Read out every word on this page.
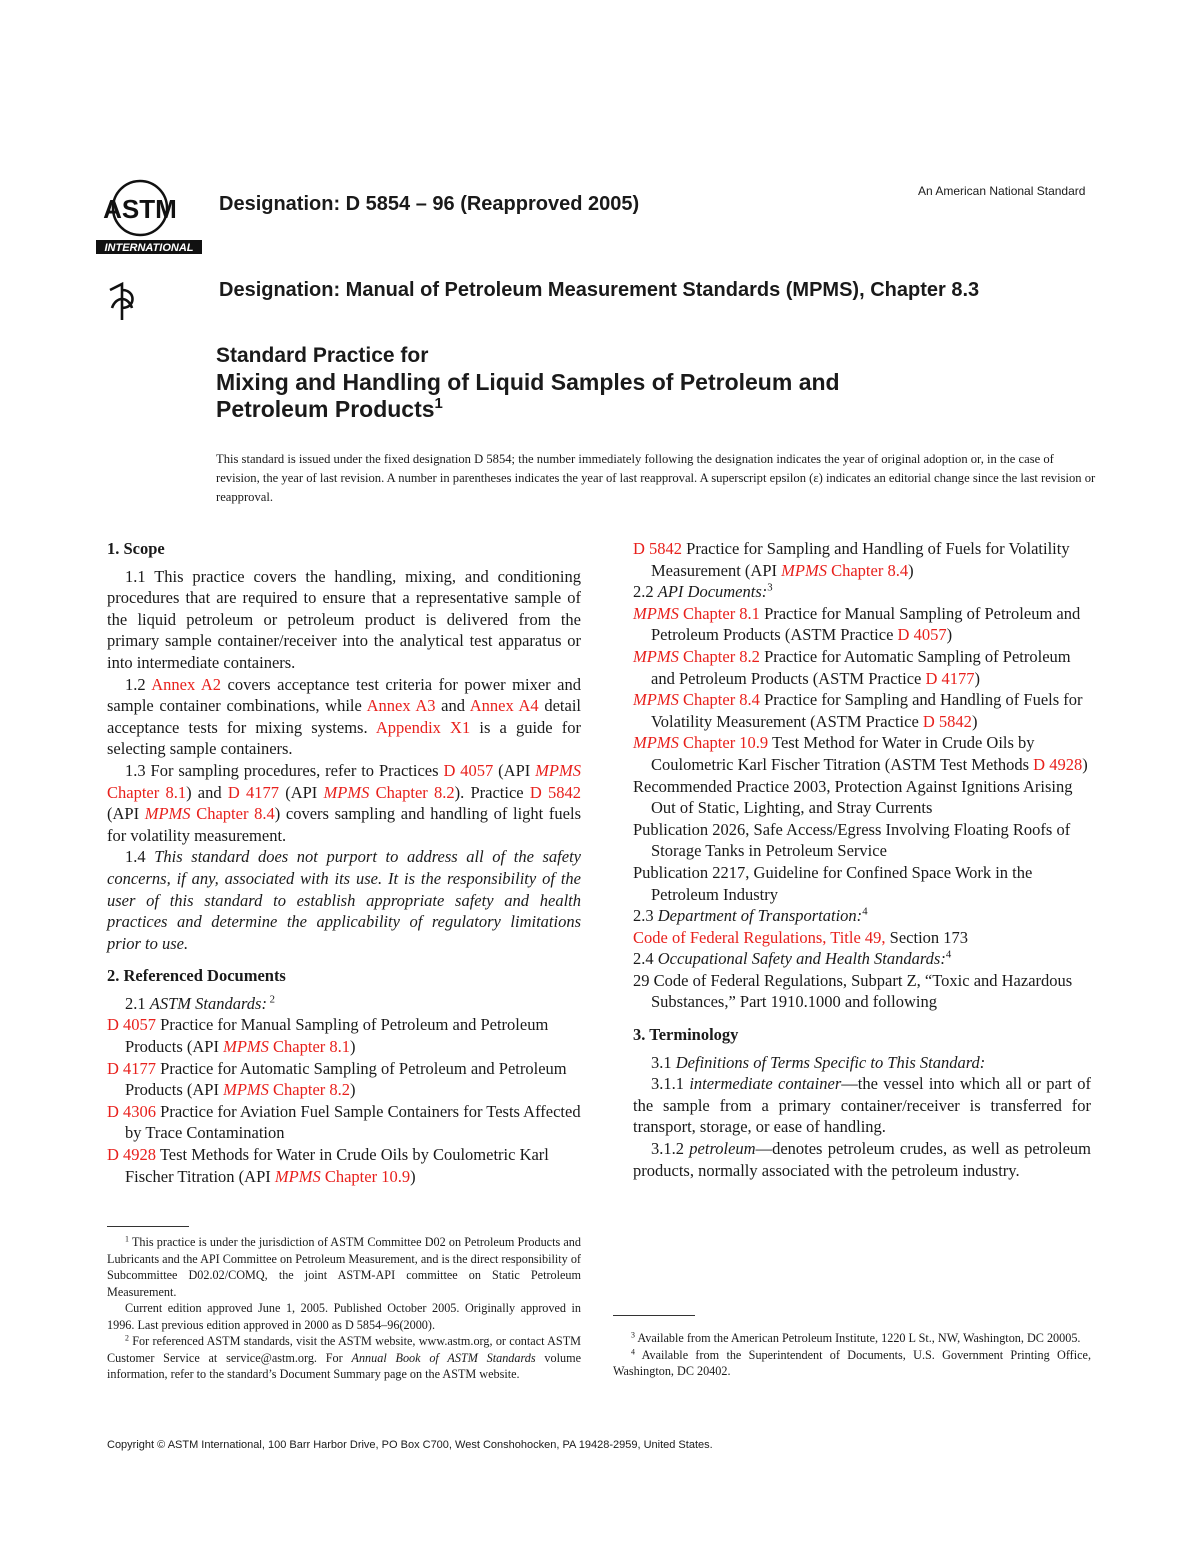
ASTM
INTERNATIONAL
Designation: D 5854 – 96 (Reapproved 2005)
An American National Standard
Designation: Manual of Petroleum Measurement Standards (MPMS), Chapter 8.3
Standard Practice for
Mixing and Handling of Liquid Samples of Petroleum and
Petroleum Products$^1$
This standard is issued under the fixed designation D 5854; the number immediately following the designation indicates the year of original adoption or, in the case of revision, the year of last revision. A number in parentheses indicates the year of last reapproval. A superscript epsilon (ε) indicates an editorial change since the last revision or reapproval.
1. Scope

1.1 This practice covers the handling, mixing, and conditioning procedures that are required to ensure that a representative sample of the liquid petroleum or petroleum product is delivered from the primary sample container/receiver into the analytical test apparatus or into intermediate containers.

1.2 Annex A2 covers acceptance test criteria for power mixer and sample container combinations, while Annex A3 and Annex A4 detail acceptance tests for mixing systems. Appendix X1 is a guide for selecting sample containers.

1.3 For sampling procedures, refer to Practices D 4057 (API MPMS Chapter 8.1) and D 4177 (API MPMS Chapter 8.2). Practice D 5842 (API MPMS Chapter 8.4) covers sampling and handling of light fuels for volatility measurement.

1.4 This standard does not purport to address all of the safety concerns, if any, associated with its use. It is the responsibility of the user of this standard to establish appropriate safety and health practices and determine the applicability of regulatory limitations prior to use.

2. Referenced Documents

2.1 ASTM Standards: $^2$

D 4057 Practice for Manual Sampling of Petroleum and Petroleum Products (API MPMS Chapter 8.1)

D 4177 Practice for Automatic Sampling of Petroleum and Petroleum Products (API MPMS Chapter 8.2)

D 4306 Practice for Aviation Fuel Sample Containers for Tests Affected by Trace Contamination

D 4928 Test Methods for Water in Crude Oils by Coulometric Karl Fischer Titration (API MPMS Chapter 10.9)

$^1$ This practice is under the jurisdiction of ASTM Committee D02 on Petroleum Products and Lubricants and the API Committee on Petroleum Measurement, and is the direct responsibility of Subcommittee D02.02/COMQ, the joint ASTM-API committee on Static Petroleum Measurement.

Current edition approved June 1, 2005. Published October 2005. Originally approved in 1996. Last previous edition approved in 2000 as D 5854–96(2000).

$^2$ For referenced ASTM standards, visit the ASTM website, www.astm.org, or contact ASTM Customer Service at service@astm.org. For Annual Book of ASTM Standards volume information, refer to the standard’s Document Summary page on the ASTM website.

D 5842 Practice for Sampling and Handling of Fuels for Volatility Measurement (API MPMS Chapter 8.4)

2.2 API Documents:$^3$

MPMS Chapter 8.1 Practice for Manual Sampling of Petroleum and Petroleum Products (ASTM Practice D 4057)

MPMS Chapter 8.2 Practice for Automatic Sampling of Petroleum and Petroleum Products (ASTM Practice D 4177)

MPMS Chapter 8.4 Practice for Sampling and Handling of Fuels for Volatility Measurement (ASTM Practice D 5842)

MPMS Chapter 10.9 Test Method for Water in Crude Oils by Coulometric Karl Fischer Titration (ASTM Test Methods D 4928)

Recommended Practice 2003, Protection Against Ignitions Arising Out of Static, Lighting, and Stray Currents

Publication 2026, Safe Access/Egress Involving Floating Roofs of Storage Tanks in Petroleum Service

Publication 2217, Guideline for Confined Space Work in the Petroleum Industry

2.3 Department of Transportation:$^4$

Code of Federal Regulations, Title 49, Section 173

2.4 Occupational Safety and Health Standards:$^4$

29 Code of Federal Regulations, Subpart Z, “Toxic and Hazardous Substances,” Part 1910.1000 and following

3. Terminology

3.1 Definitions of Terms Specific to This Standard:

3.1.1 intermediate container—the vessel into which all or part of the sample from a primary container/receiver is transferred for transport, storage, or ease of handling.

3.1.2 petroleum—denotes petroleum crudes, as well as petroleum products, normally associated with the petroleum industry.

$^3$ Available from the American Petroleum Institute, 1220 L St., NW, Washington, DC 20005.

$^4$ Available from the Superintendent of Documents, U.S. Government Printing Office, Washington, DC 20402.

Copyright © ASTM International, 100 Barr Harbor Drive, PO Box C700, West Conshohocken, PA 19428-2959, United States.
